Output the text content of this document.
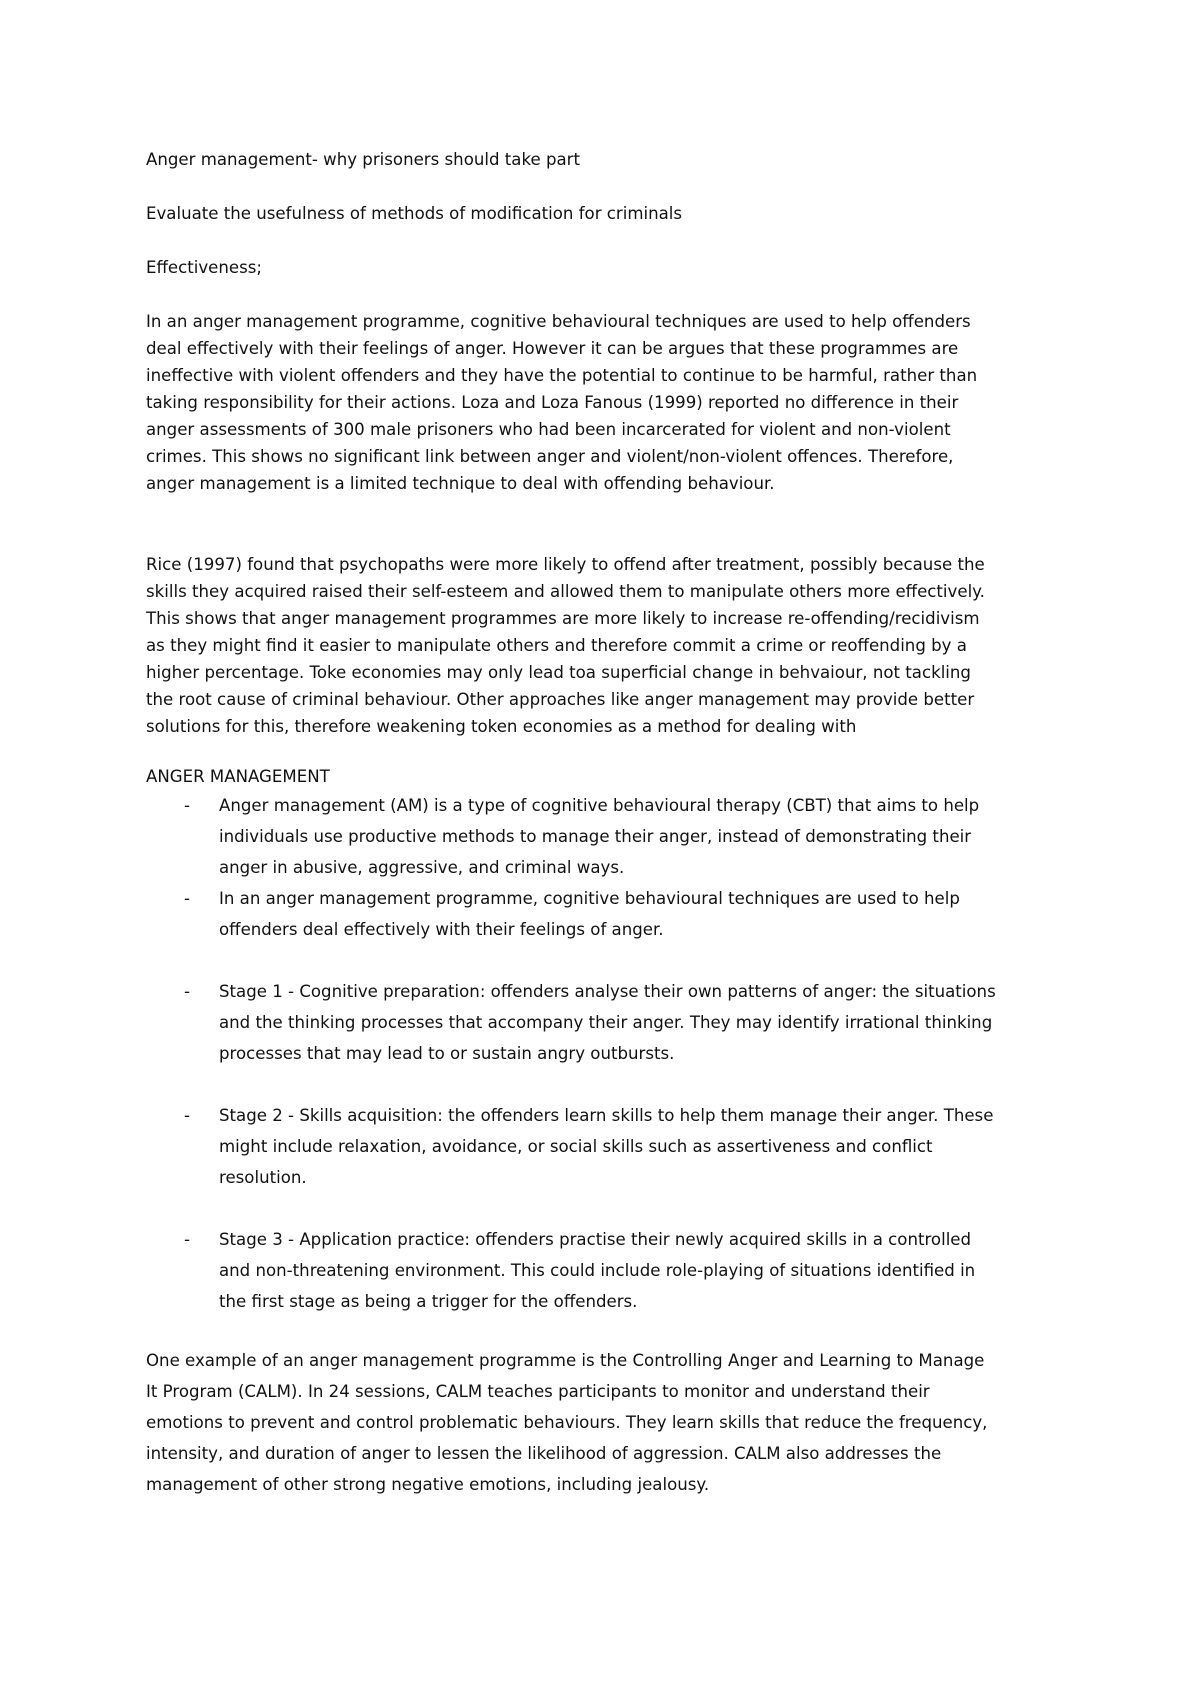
Anger management- why prisoners should take part

Evaluate the usefulness of methods of modification for criminals

Effectiveness;

In an anger management programme, cognitive behavioural techniques are used to help offenders

deal effectively with their feelings of anger. However it can be argues that these programmes are

ineffective with violent offenders and they have the potential to continue to be harmful, rather than

taking responsibility for their actions. Loza and Loza Fanous (1999) reported no difference in their

anger assessments of 300 male prisoners who had been incarcerated for violent and non-violent

crimes. This shows no significant link between anger and violent/non-violent offences. Therefore,

anger management is a limited technique to deal with offending behaviour.

Rice (1997) found that psychopaths were more likely to offend after treatment, possibly because the

skills they acquired raised their self-esteem and allowed them to manipulate others more effectively.

This shows that anger management programmes are more likely to increase re-offending/recidivism

as they might find it easier to manipulate others and therefore commit a crime or reoffending by a

higher percentage. Toke economies may only lead toa superficial change in behvaiour, not tackling

the root cause of criminal behaviour. Other approaches like anger management may provide better

solutions for this, therefore weakening token economies as a method for dealing with

ANGER MANAGEMENT

- Anger management (AM) is a type of cognitive behavioural therapy (CBT) that aims to help
individuals use productive methods to manage their anger, instead of demonstrating their
anger in abusive, aggressive, and criminal ways.
- In an anger management programme, cognitive behavioural techniques are used to help
offenders deal effectively with their feelings of anger.
- Stage 1 - Cognitive preparation: offenders analyse their own patterns of anger: the situations
and the thinking processes that accompany their anger. They may identify irrational thinking
processes that may lead to or sustain angry outbursts.
- Stage 2 - Skills acquisition: the offenders learn skills to help them manage their anger. These
might include relaxation, avoidance, or social skills such as assertiveness and conflict
resolution.
- Stage 3 - Application practice: offenders practise their newly acquired skills in a controlled
and non-threatening environment. This could include role-playing of situations identified in
the first stage as being a trigger for the offenders.

One example of an anger management programme is the Controlling Anger and Learning to Manage

It Program (CALM). In 24 sessions, CALM teaches participants to monitor and understand their

emotions to prevent and control problematic behaviours. They learn skills that reduce the frequency,

intensity, and duration of anger to lessen the likelihood of aggression. CALM also addresses the

management of other strong negative emotions, including jealousy.
